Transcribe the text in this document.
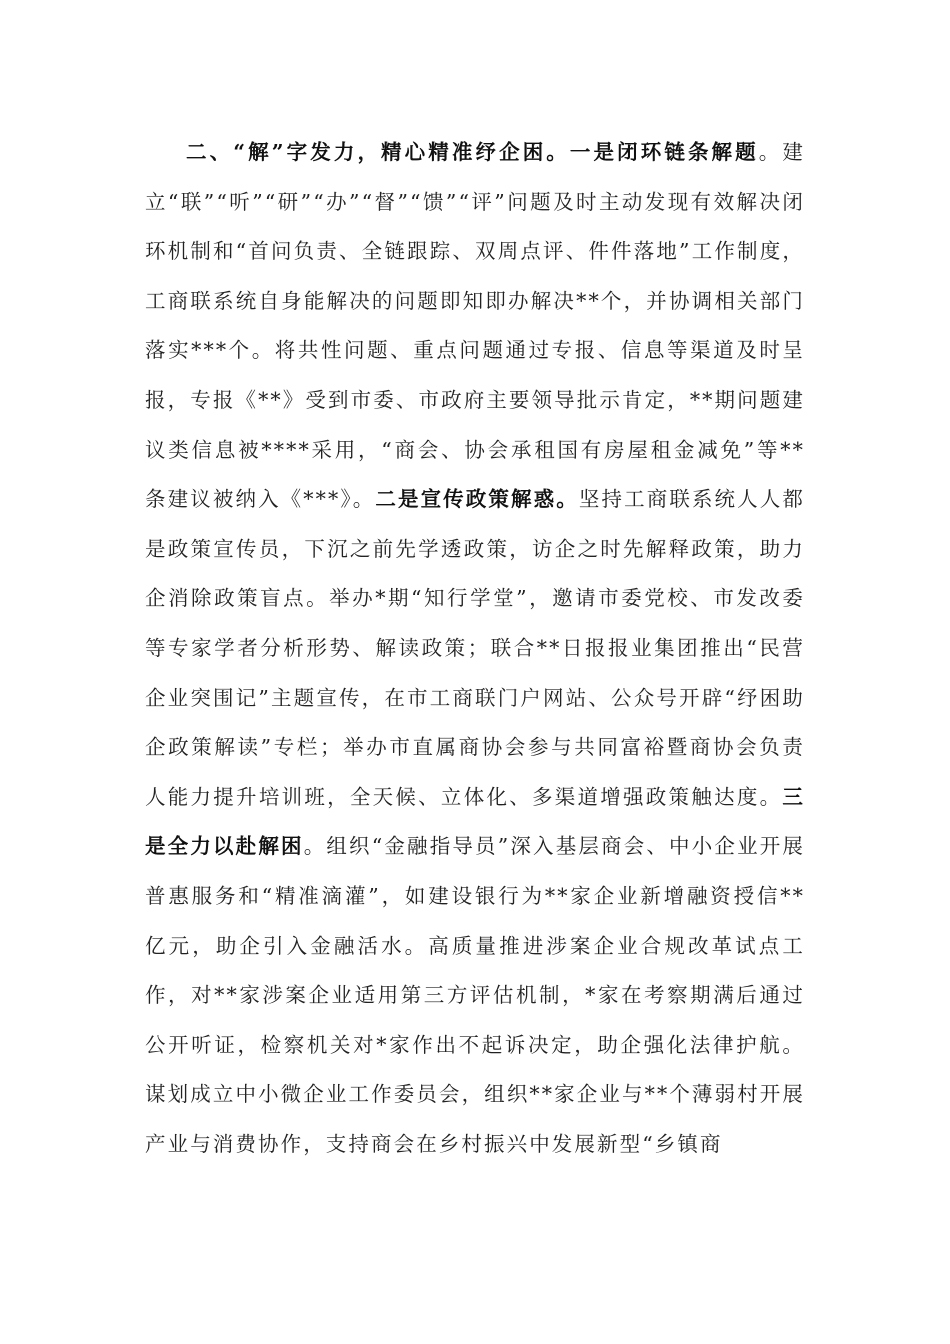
二、“解”字发力，精心精准纾企困。一是闭环链条解题。建立“联”“听”“研”“办”“督”“馈”“评”问题及时主动发现有效解决闭环机制和“首问负责、全链跟踪、双周点评、件件落地”工作制度，工商联系统自身能解决的问题即知即办解决**个，并协调相关部门落实***个。将共性问题、重点问题通过专报、信息等渠道及时呈报，专报《**》受到市委、市政府主要领导批示肯定，**期问题建议类信息被****采用，“商会、协会承租国有房屋租金减免”等**条建议被纳入《***》。二是宣传政策解惑。坚持工商联系统人人都是政策宣传员，下沉之前先学透政策，访企之时先解释政策，助力企消除政策盲点。举办*期“知行学堂”，邀请市委党校、市发改委等专家学者分析形势、解读政策；联合**日报报业集团推出“民营企业突围记”主题宣传，在市工商联门户网站、公众号开辟“纾困助企政策解读”专栏；举办市直属商协会参与共同富裕暨商协会负责人能力提升培训班，全天候、立体化、多渠道增强政策触达度。三是全力以赴解困。组织“金融指导员”深入基层商会、中小企业开展普惠服务和“精准滴灌”，如建设银行为**家企业新增融资授信**亿元，助企引入金融活水。高质量推进涉案企业合规改革试点工作，对**家涉案企业适用第三方评估机制，*家在考察期满后通过公开听证，检察机关对*家作出不起诉决定，助企强化法律护航。谋划成立中小微企业工作委员会，组织**家企业与**个薄弱村开展产业与消费协作，支持商会在乡村振兴中发展新型“乡镇商
